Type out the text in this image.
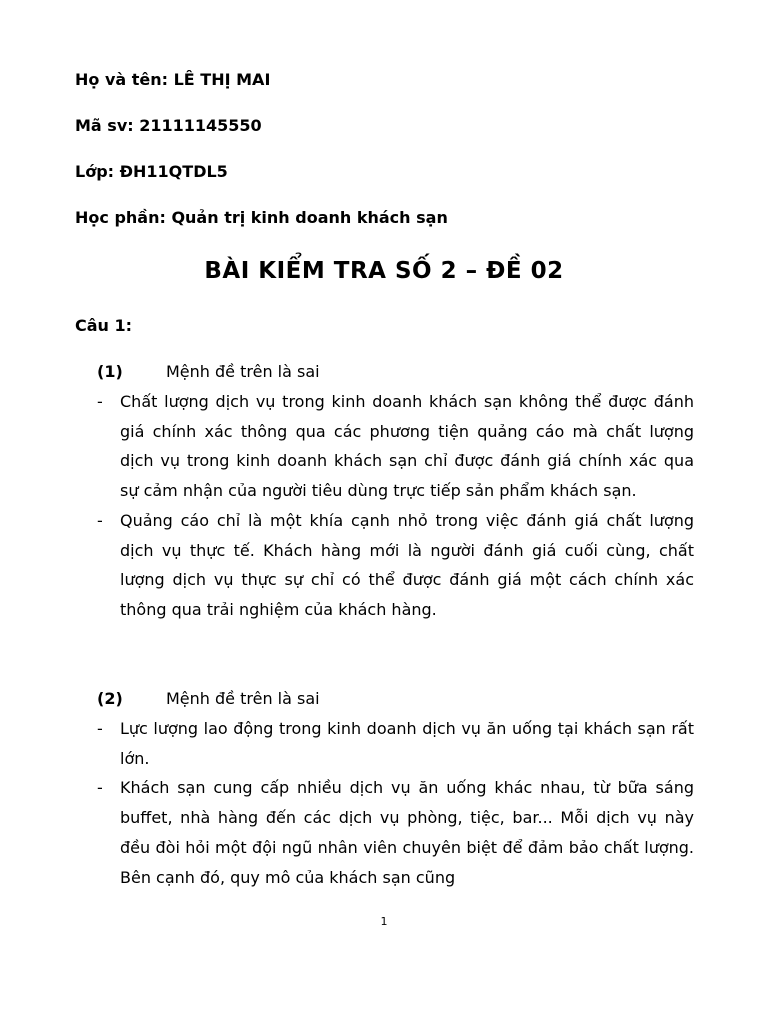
Họ và tên: LÊ THỊ MAI
Mã sv: 21111145550
Lớp: ĐH11QTDL5
Học phần: Quản trị kinh doanh khách sạn
BÀI KIỂM TRA SỐ 2 – ĐỀ 02
Câu 1:
(1)	Mệnh đề trên là sai
- Chất lượng dịch vụ trong kinh doanh khách sạn không thể được đánh giá chính xác thông qua các phương tiện quảng cáo mà chất lượng dịch vụ trong kinh doanh khách sạn chỉ được đánh giá chính xác qua sự cảm nhận của người tiêu dùng trực tiếp sản phẩm khách sạn.
- Quảng cáo chỉ là một khía cạnh nhỏ trong việc đánh giá chất lượng dịch vụ thực tế. Khách hàng mới là người đánh giá cuối cùng, chất lượng dịch vụ thực sự chỉ có thể được đánh giá một cách chính xác thông qua trải nghiệm của khách hàng.
(2)	Mệnh đề trên là sai
- Lực lượng lao động trong kinh doanh dịch vụ ăn uống tại khách sạn rất lớn.
- Khách sạn cung cấp nhiều dịch vụ ăn uống khác nhau, từ bữa sáng buffet, nhà hàng đến các dịch vụ phòng, tiệc, bar... Mỗi dịch vụ này đều đòi hỏi một đội ngũ nhân viên chuyên biệt để đảm bảo chất lượng. Bên cạnh đó, quy mô của khách sạn cũng
1
